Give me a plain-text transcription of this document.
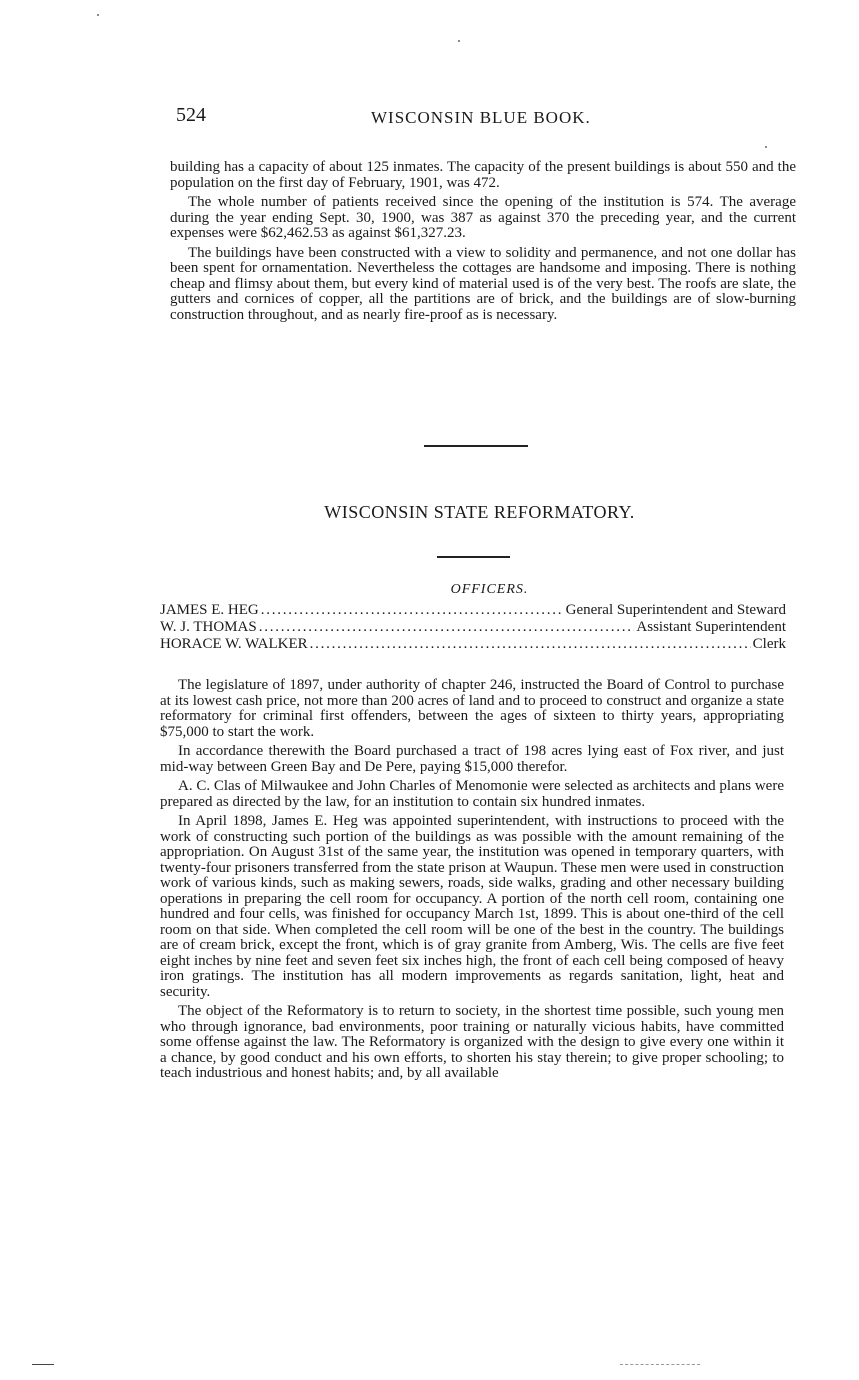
524	WISCONSIN BLUE BOOK.

building has a capacity of about 125 inmates. The capacity of the present buildings is about 550 and the population on the first day of February, 1901, was 472.

The whole number of patients received since the opening of the institution is 574. The average during the year ending Sept. 30, 1900, was 387 as against 370 the preceding year, and the current expenses were $62,462.53 as against $61,327.23.

The buildings have been constructed with a view to solidity and permanence, and not one dollar has been spent for ornamentation. Nevertheless the cottages are handsome and imposing. There is nothing cheap and flimsy about them, but every kind of material used is of the very best. The roofs are slate, the gutters and cornices of copper, all the partitions are of brick, and the buildings are of slow-burning construction throughout, and as nearly fire-proof as is necessary.

WISCONSIN STATE REFORMATORY.
OFFICERS.
JAMES E. HEG . . .	General Superintendent and Steward
W. J. THOMAS . . .	Assistant Superintendent
HORACE W. WALKER . . .	Clerk

The legislature of 1897, under authority of chapter 246, instructed the Board of Control to purchase at its lowest cash price, not more than 200 acres of land and to proceed to construct and organize a state reformatory for criminal first offenders, between the ages of sixteen to thirty years, appropriating $75,000 to start the work.

In accordance therewith the Board purchased a tract of 198 acres lying east of Fox river, and just mid-way between Green Bay and De Pere, paying $15,000 therefor.

A. C. Clas of Milwaukee and John Charles of Menomonie were selected as architects and plans were prepared as directed by the law, for an institution to contain six hundred inmates.

In April 1898, James E. Heg was appointed superintendent, with instructions to proceed with the work of constructing such portion of the buildings as was possible with the amount remaining of the appropriation. On August 31st of the same year, the institution was opened in temporary quarters, with twenty-four prisoners transferred from the state prison at Waupun. These men were used in construction work of various kinds, such as making sewers, roads, side walks, grading and other necessary building operations in preparing the cell room for occupancy. A portion of the north cell room, containing one hundred and four cells, was finished for occupancy March 1st, 1899. This is about one-third of the cell room on that side. When completed the cell room will be one of the best in the country. The buildings are of cream brick, except the front, which is of gray granite from Amberg, Wis. The cells are five feet eight inches by nine feet and seven feet six inches high, the front of each cell being composed of heavy iron gratings. The institution has all modern improvements as regards sanitation, light, heat and security.

The object of the Reformatory is to return to society, in the shortest time possible, such young men who through ignorance, bad environments, poor training or naturally vicious habits, have committed some offense against the law. The Reformatory is organized with the design to give every one within it a chance, by good conduct and his own efforts, to shorten his stay therein; to give proper schooling; to teach industrious and honest habits; and, by all available
